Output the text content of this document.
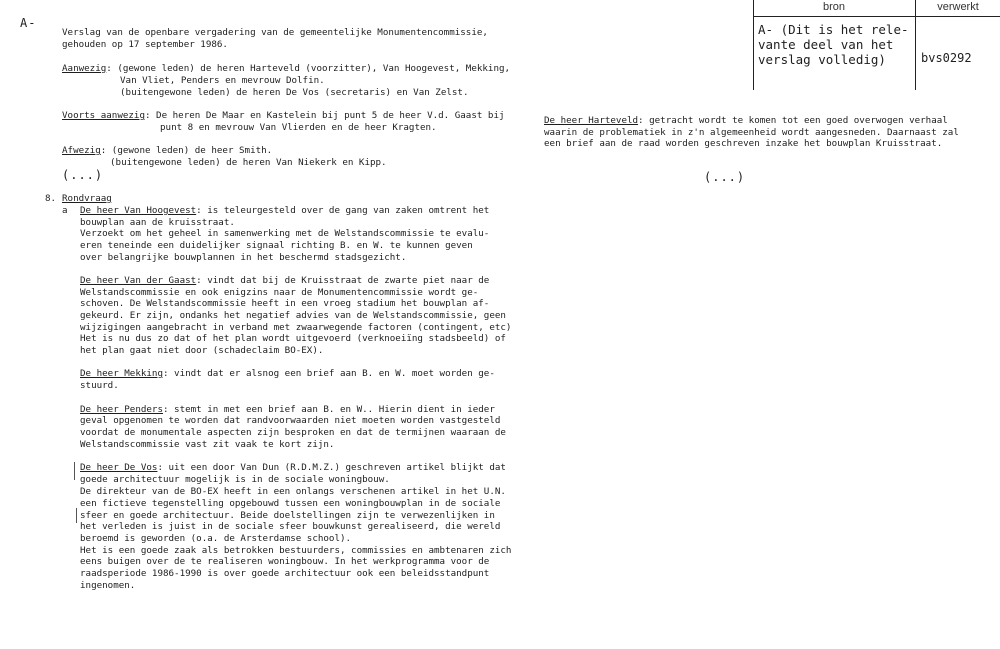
A-
Verslag van de openbare vergadering van de gemeentelijke Monumentencommissie,
gehouden op 17 september 1986.
Aanwezig: (gewone leden) de heren Harteveld (voorzitter), Van Hoogevest, Mekking,
Van Vliet, Penders en mevrouw Dolfin.
(buitengewone leden) de heren De Vos (secretaris) en Van Zelst.
Voorts aanwezig: De heren De Maar en Kastelein bij punt 5 de heer V.d. Gaast bij
punt 8 en mevrouw Van Vlierden en de heer Kragten.
Afwezig: (gewone leden) de heer Smith.
(buitengewone leden) de heren Van Niekerk en Kipp.
(...)
8. Rondvraag
a De heer Van Hoogevest: is teleurgesteld over de gang van zaken omtrent het
bouwplan aan de kruisstraat.
Verzoekt om het geheel in samenwerking met de Welstandscommissie te evalu-
eren teneinde een duidelijker signaal richting B. en W. te kunnen geven
over belangrijke bouwplannen in het beschermd stadsgezicht.
De heer Van der Gaast: vindt dat bij de Kruisstraat de zwarte piet naar de
Welstandscommissie en ook enigzins naar de Monumentencommissie wordt ge-
schoven. De Welstandscommissie heeft in een vroeg stadium het bouwplan af-
gekeurd. Er zijn, ondanks het negatief advies van de Welstandscommissie, geen
wijzigingen aangebracht in verband met zwaarwegende factoren (contingent, etc)
Het is nu dus zo dat of het plan wordt uitgevoerd (verknoeiïng stadsbeeld) of
het plan gaat niet door (schadeclaim BO-EX).
De heer Mekking: vindt dat er alsnog een brief aan B. en W. moet worden ge-
stuurd.
De heer Penders: stemt in met een brief aan B. en W.. Hierin dient in ieder
geval opgenomen te worden dat randvoorwaarden niet moeten worden vastgesteld
voordat de monumentale aspecten zijn besproken en dat de termijnen waaraan de
Welstandscommissie vast zit vaak te kort zijn.
De heer De Vos: uit een door Van Dun (R.D.M.Z.) geschreven artikel blijkt dat
goede architectuur mogelijk is in de sociale woningbouw.
De direkteur van de BO-EX heeft in een onlangs verschenen artikel in het U.N.
een fictieve tegenstelling opgebouwd tussen een woningbouwplan in de sociale
sfeer en goede architectuur. Beide doelstellingen zijn te verwezenlijken in
het verleden is juist in de sociale sfeer bouwkunst gerealiseerd, die wereld
beroemd is geworden (o.a. de Arsterdamse school).
Het is een goede zaak als betrokken bestuurders, commissies en ambtenaren zich
eens buigen over de te realiseren woningbouw. In het werkprogramma voor de
raadsperiode 1986-1990 is over goede architectuur ook een beleidsstandpunt
ingenomen.
De heer Harteveld: getracht wordt te komen tot een goed overwogen verhaal
waarin de problematiek in z'n algemeenheid wordt aangesneden. Daarnaast zal
een brief aan de raad worden geschreven inzake het bouwplan Kruisstraat.
(...)
bron	verwerkt
A- (Dit is het rele-
vante deel van het
verslag volledig)	bvs0292
